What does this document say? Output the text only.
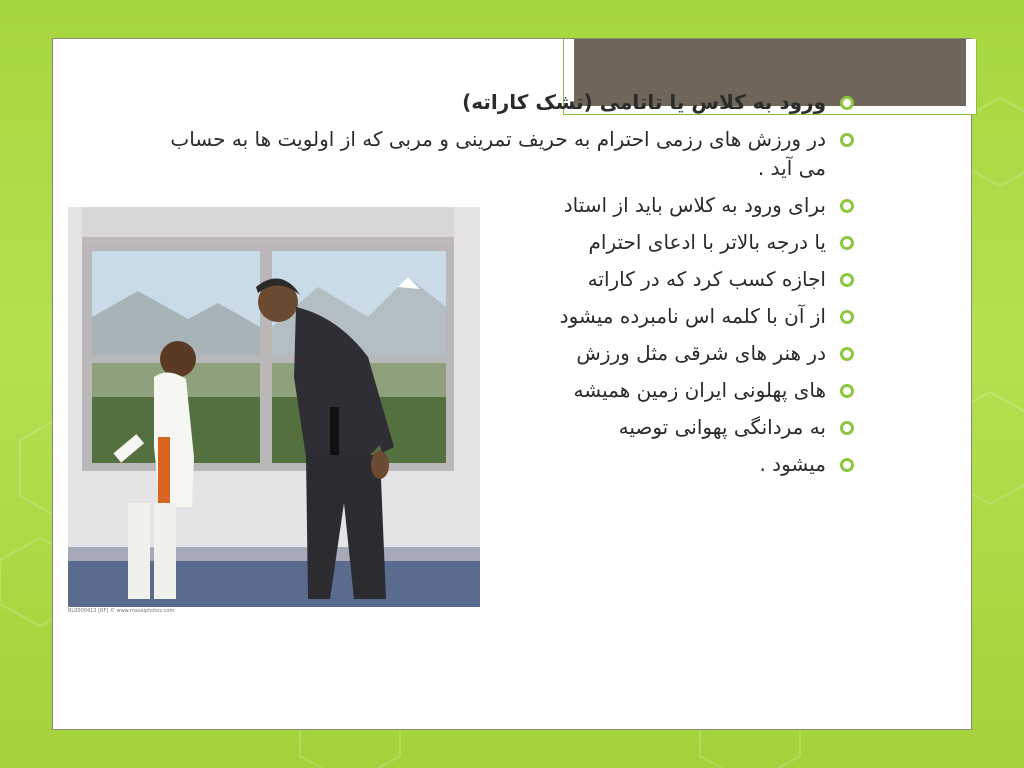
ورود به کلاس یا تاتامی (تشک کاراته)
در ورزش های رزمی احترام به حریف تمرینی و مربی که از اولویت ها به حساب می آید .
برای ورود به کلاس باید از استاد
یا درجه بالاتر با ادعای احترام
اجازه کسب کرد که در کاراته
از آن با کلمه اس نامبرده میشود
در هنر های شرقی مثل ورزش
های پهلونی ایران زمین همیشه
به مردانگی پهوانی توصیه
میشود .
BL0000413 [RF] © www.masaiphotos.com
